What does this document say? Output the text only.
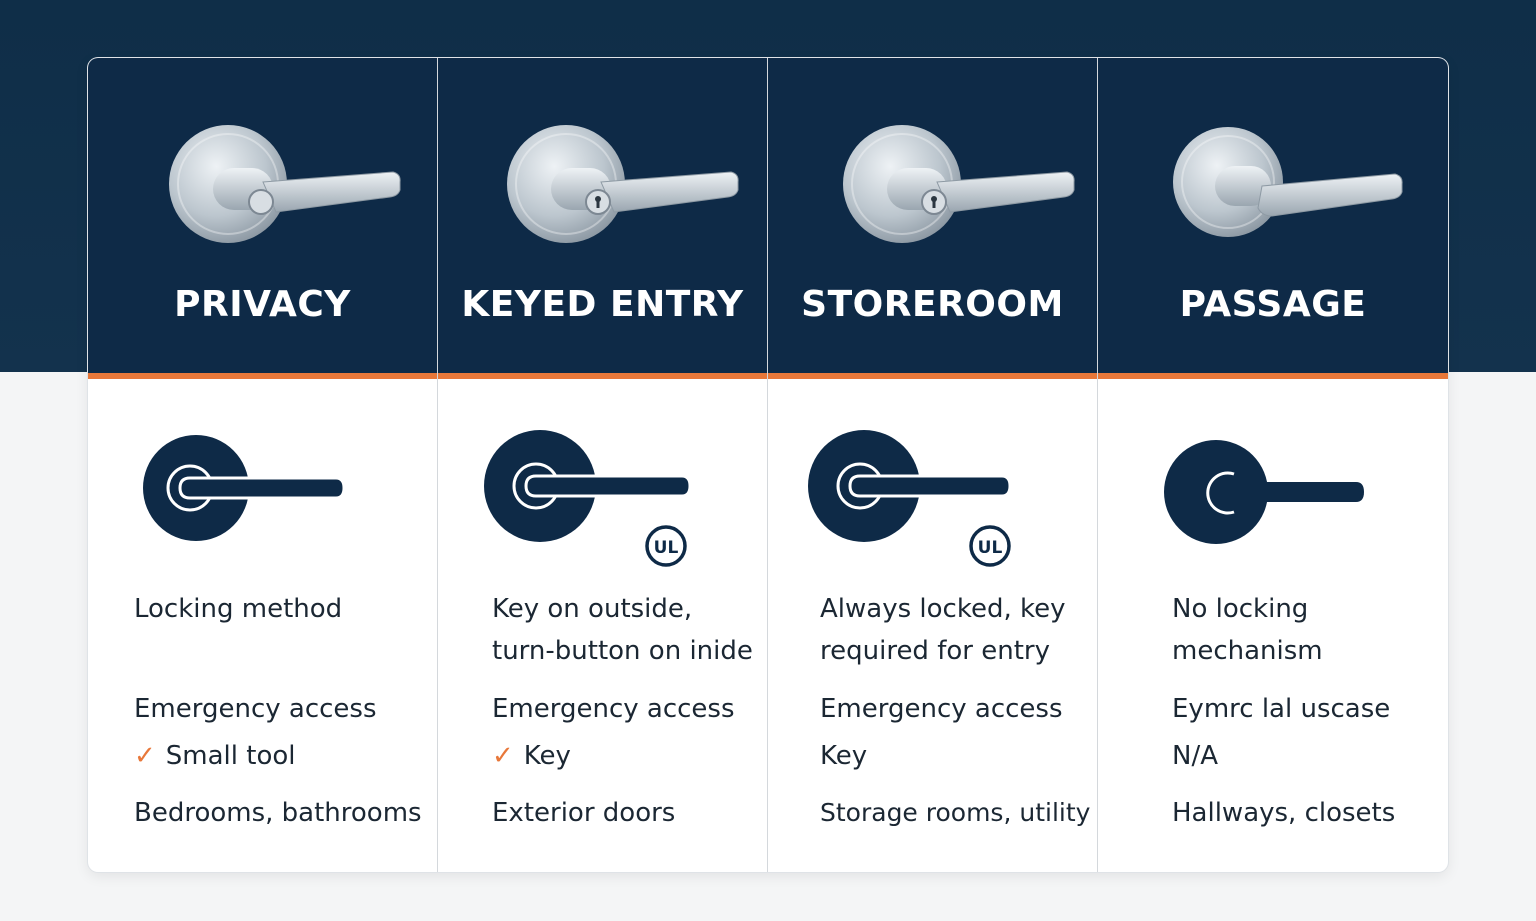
PRIVACY
Locking method
Emergency access
✓ Small tool
Bedrooms, bathrooms
KEYED ENTRY
UL
Key on outside,
turn-button on inide
Emergency access
✓ Key
Exterior doors
STOREROOM
UL
Always locked, key
required for entry
Emergency access
Key
Storage rooms, utility
PASSAGE
No locking
mechanism
Eymrc lal uscase
N/A
Hallways, closets
